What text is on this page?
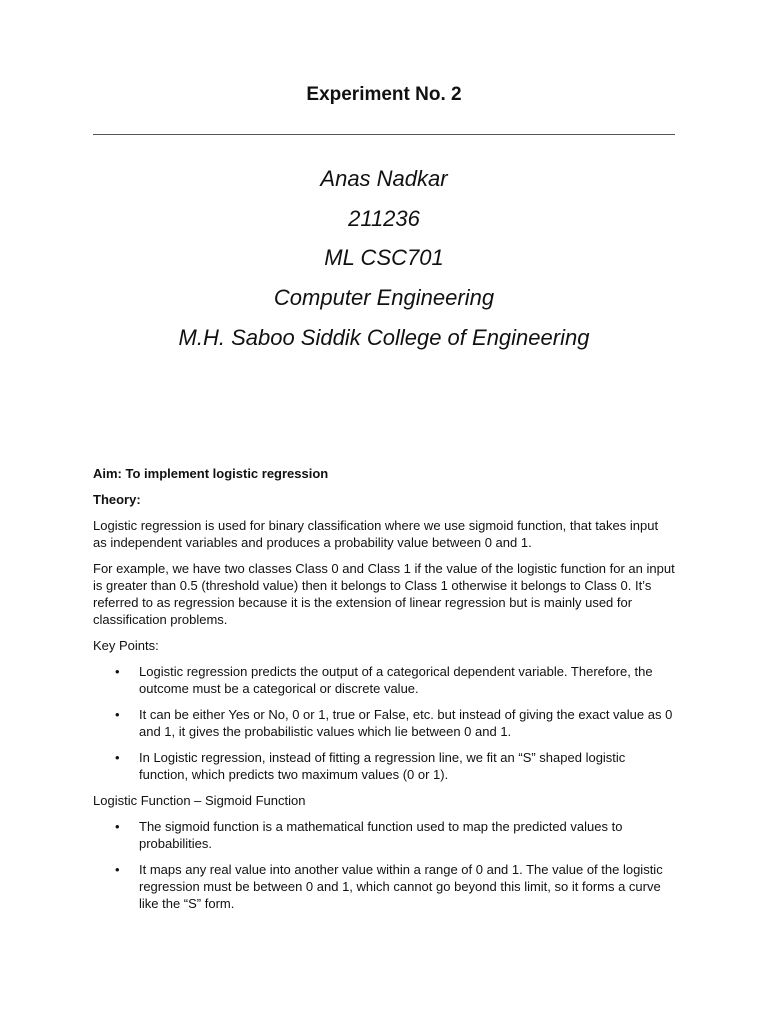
Experiment No. 2
Anas Nadkar
211236
ML CSC701
Computer Engineering
M.H. Saboo Siddik College of Engineering

Aim: To implement logistic regression

Theory:

Logistic regression is used for binary classification where we use sigmoid function, that takes input as independent variables and produces a probability value between 0 and 1.

For example, we have two classes Class 0 and Class 1 if the value of the logistic function for an input is greater than 0.5 (threshold value) then it belongs to Class 1 otherwise it belongs to Class 0. It’s referred to as regression because it is the extension of linear regression but is mainly used for classification problems.

Key Points:

• Logistic regression predicts the output of a categorical dependent variable. Therefore, the outcome must be a categorical or discrete value.
• It can be either Yes or No, 0 or 1, true or False, etc. but instead of giving the exact value as 0 and 1, it gives the probabilistic values which lie between 0 and 1.
• In Logistic regression, instead of fitting a regression line, we fit an “S” shaped logistic function, which predicts two maximum values (0 or 1).

Logistic Function – Sigmoid Function

• The sigmoid function is a mathematical function used to map the predicted values to probabilities.
• It maps any real value into another value within a range of 0 and 1. The value of the logistic regression must be between 0 and 1, which cannot go beyond this limit, so it forms a curve like the “S” form.
